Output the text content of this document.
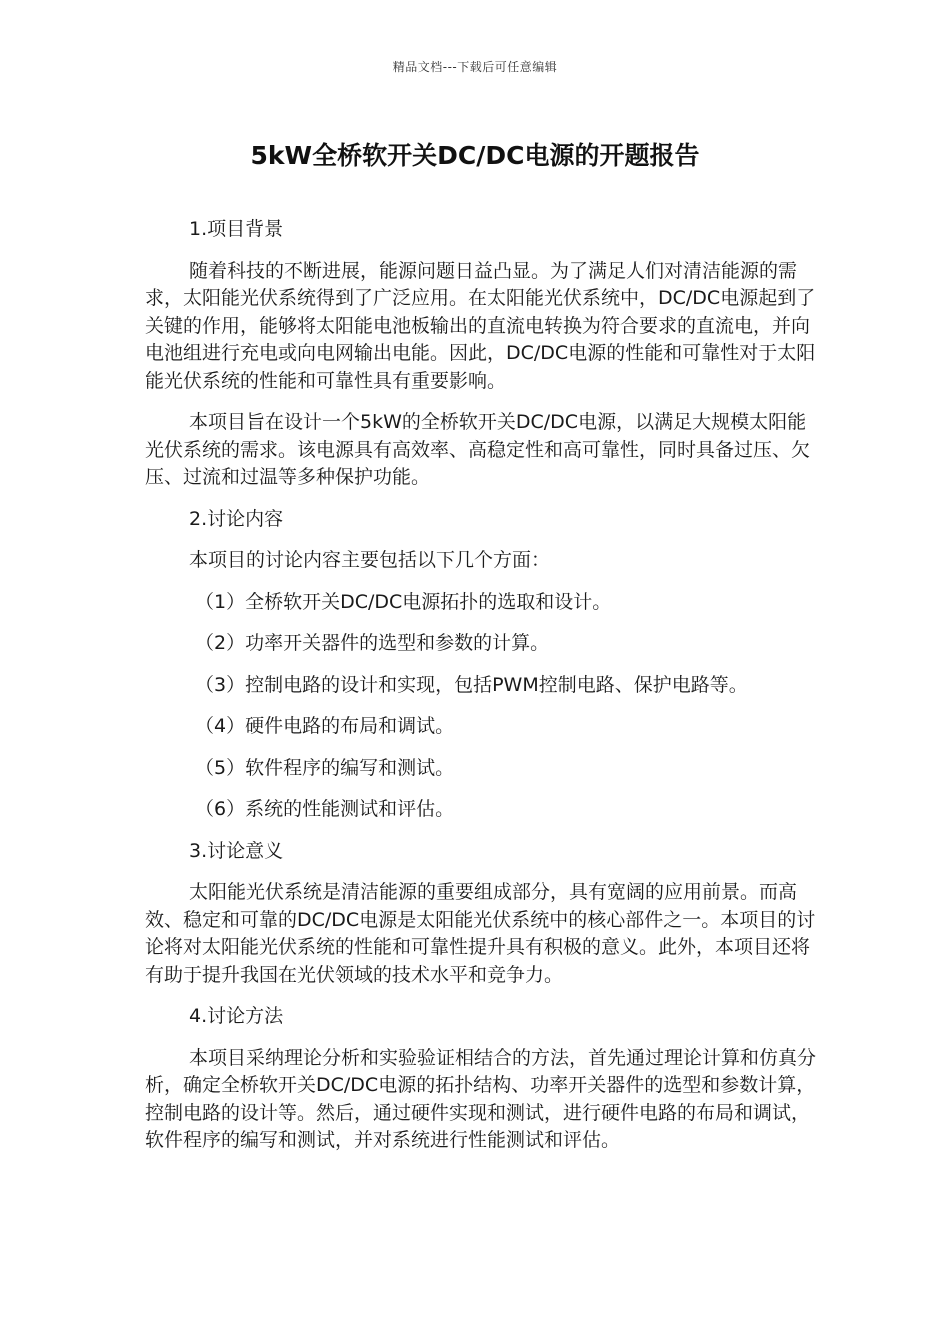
精品文档---下载后可任意编辑
5kW全桥软开关DC/DC电源的开题报告
1.项目背景

随着科技的不断进展，能源问题日益凸显。为了满足人们对清洁能源的需求，太阳能光伏系统得到了广泛应用。在太阳能光伏系统中，DC/DC电源起到了关键的作用，能够将太阳能电池板输出的直流电转换为符合要求的直流电，并向电池组进行充电或向电网输出电能。因此，DC/DC电源的性能和可靠性对于太阳能光伏系统的性能和可靠性具有重要影响。

本项目旨在设计一个5kW的全桥软开关DC/DC电源，以满足大规模太阳能光伏系统的需求。该电源具有高效率、高稳定性和高可靠性，同时具备过压、欠压、过流和过温等多种保护功能。

2.讨论内容

本项目的讨论内容主要包括以下几个方面：

（1）全桥软开关DC/DC电源拓扑的选取和设计。
（2）功率开关器件的选型和参数的计算。
（3）控制电路的设计和实现，包括PWM控制电路、保护电路等。
（4）硬件电路的布局和调试。
（5）软件程序的编写和测试。
（6）系统的性能测试和评估。
3.讨论意义

太阳能光伏系统是清洁能源的重要组成部分，具有宽阔的应用前景。而高效、稳定和可靠的DC/DC电源是太阳能光伏系统中的核心部件之一。本项目的讨论将对太阳能光伏系统的性能和可靠性提升具有积极的意义。此外，本项目还将有助于提升我国在光伏领域的技术水平和竞争力。

4.讨论方法

本项目采纳理论分析和实验验证相结合的方法，首先通过理论计算和仿真分析，确定全桥软开关DC/DC电源的拓扑结构、功率开关器件的选型和参数计算，控制电路的设计等。然后，通过硬件实现和测试，进行硬件电路的布局和调试，软件程序的编写和测试，并对系统进行性能测试和评估。
